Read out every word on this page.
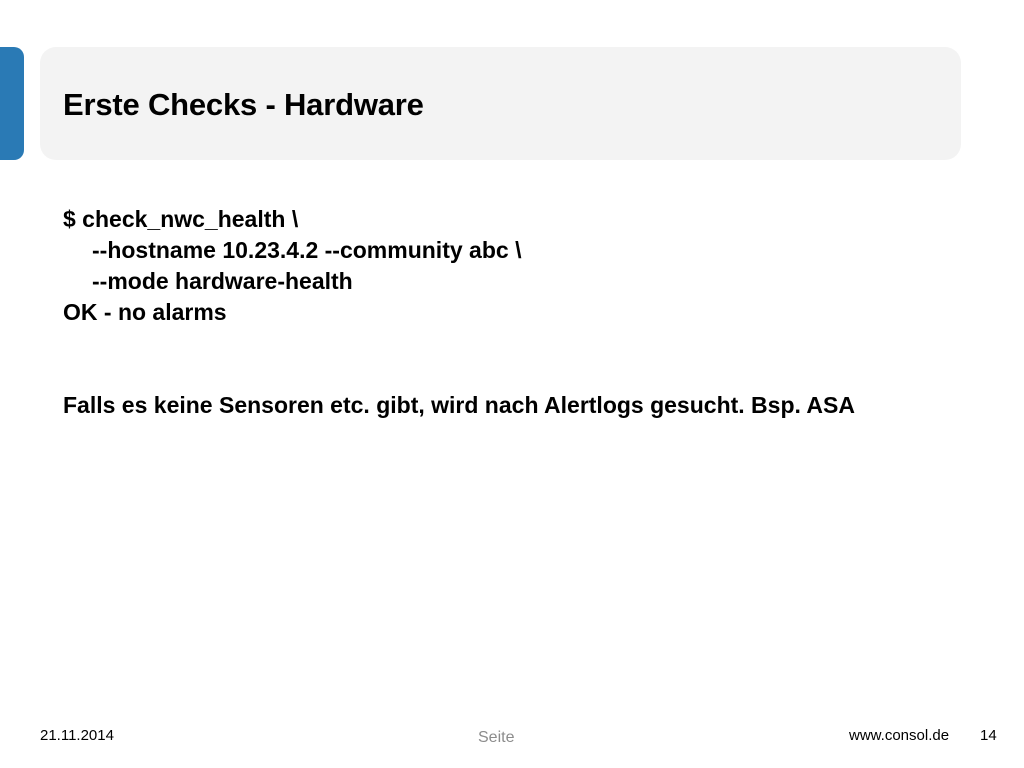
Erste Checks - Hardware
$ check_nwc_health \
--hostname 10.23.4.2 --community abc \
--mode hardware-health
OK - no alarms
Falls es keine Sensoren etc. gibt, wird nach Alertlogs gesucht. Bsp. ASA
21.11.2014	Seite	www.consol.de 14
